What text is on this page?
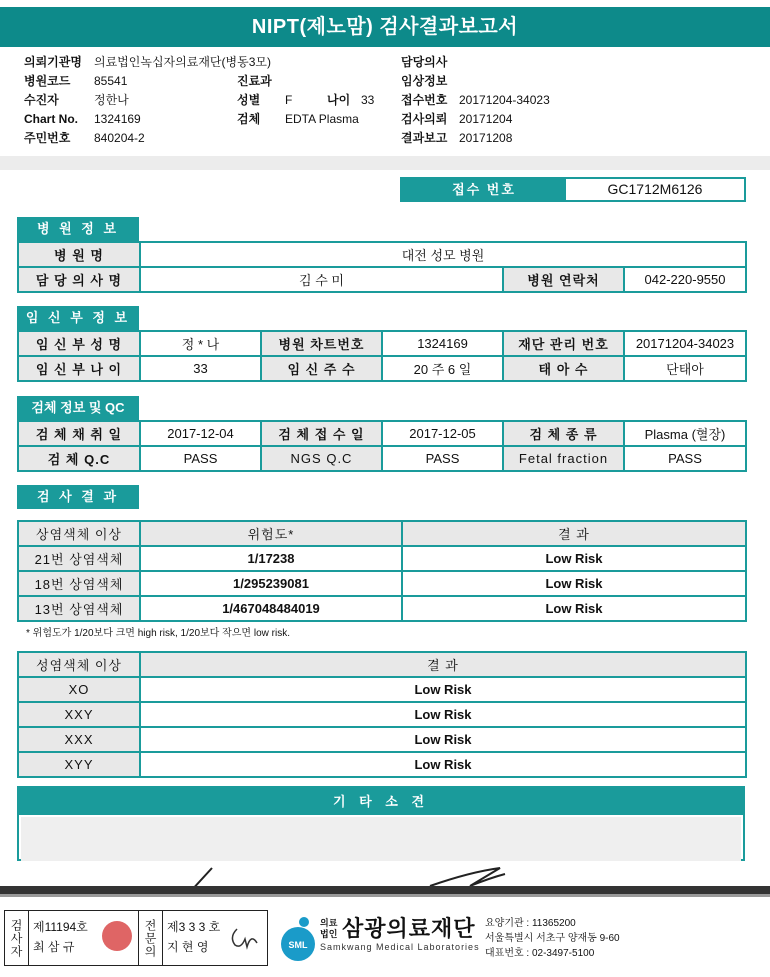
NIPT(제노맘) 검사결과보고서
의뢰기관명 의료법인녹십자의료재단(병동3모)
병원코드 85541
수진자	정한나
Chart No. 1324169
주민번호 840204-2
진료과
성별 F	나이 33
검체 EDTA Plasma
담당의사
임상정보
접수번호 20171204-34023
검사의뢰 20171204
결과보고 20171208
접수 번호	GC1712M6126
병 원 정 보
병 원 명	대전 성모 병원		
담 당 의 사 명	김 수 미	병원 연락처	042-220-9550
임 신 부 정 보
임 신 부 성 명	정 * 나	병원 차트번호	1324169	재단 관리 번호	20171204-34023
임 신 부 나 이	33	임 신 주 수	20 주 6 일	태 아 수	단태아
검체 정보 및 QC
검 체 채 취 일	2017-12-04	검 체 접 수 일	2017-12-05	검 체 종 류	Plasma (혈장)
검 체 Q.C	PASS	NGS Q.C	PASS	Fetal fraction	PASS
검 사 결 과
상염색체 이상	위험도*	결 과
21번 상염색체	1/17238	Low Risk
18번 상염색체	1/295239081	Low Risk
13번 상염색체	1/467048484019	Low Risk
* 위험도가 1/20보다 크면 high risk, 1/20보다 작으면 low risk.
성염색체 이상	결 과
XO	Low Risk
XXY	Low Risk
XXX	Low Risk
XYY	Low Risk
기 타 소 견
검사자 제11194호
최 삼 규	전문의 제3 3 3 호
지 현 영	SML
의료 법인 삼광의료재단
Samkwang Medical Laboratories
요양기관 : 11365200
서울특별시 서초구 양재동 9-60
대표번호 : 02-3497-5100
